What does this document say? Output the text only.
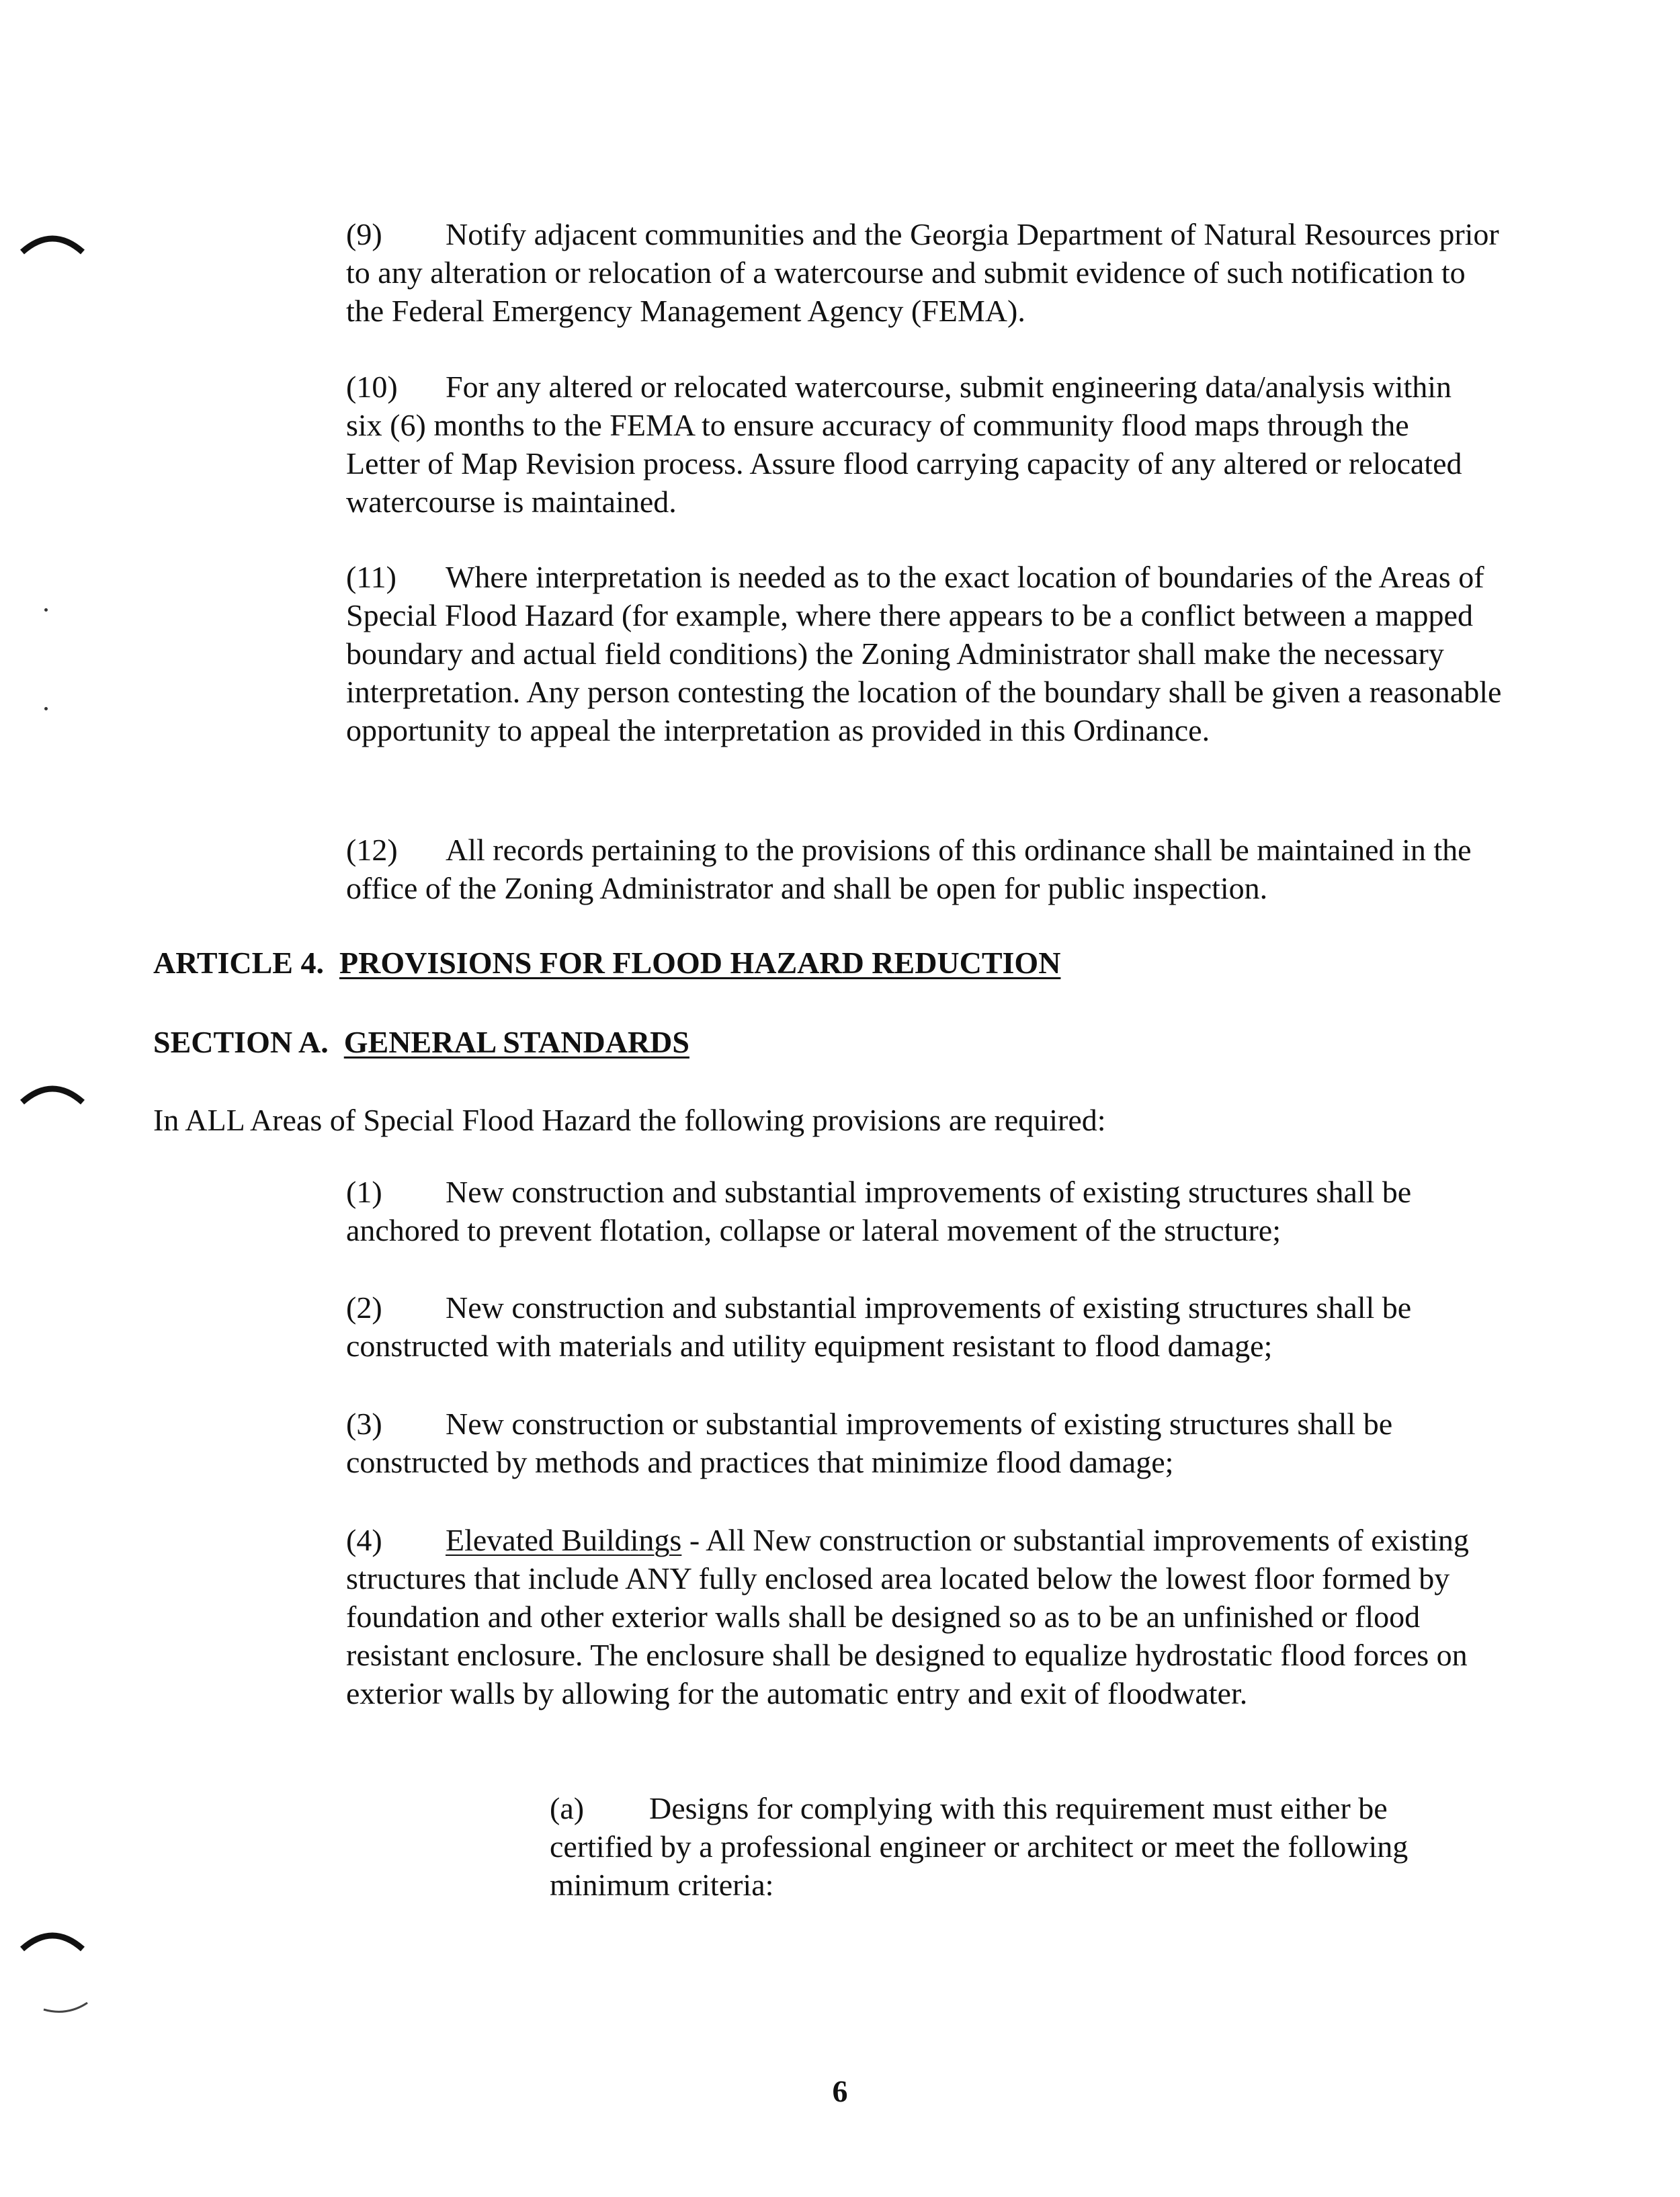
(9) Notify adjacent communities and the Georgia Department of Natural Resources prior to any alteration or relocation of a watercourse and submit evidence of such notification to the Federal Emergency Management Agency (FEMA).

(10) For any altered or relocated watercourse, submit engineering data/analysis within six (6) months to the FEMA to ensure accuracy of community flood maps through the Letter of Map Revision process. Assure flood carrying capacity of any altered or relocated watercourse is maintained.

(11) Where interpretation is needed as to the exact location of boundaries of the Areas of Special Flood Hazard (for example, where there appears to be a conflict between a mapped boundary and actual field conditions) the Zoning Administrator shall make the necessary interpretation. Any person contesting the location of the boundary shall be given a reasonable opportunity to appeal the interpretation as provided in this Ordinance.

(12) All records pertaining to the provisions of this ordinance shall be maintained in the office of the Zoning Administrator and shall be open for public inspection.

ARTICLE 4. PROVISIONS FOR FLOOD HAZARD REDUCTION

SECTION A. GENERAL STANDARDS

In ALL Areas of Special Flood Hazard the following provisions are required:

(1) New construction and substantial improvements of existing structures shall be anchored to prevent flotation, collapse or lateral movement of the structure;

(2) New construction and substantial improvements of existing structures shall be constructed with materials and utility equipment resistant to flood damage;

(3) New construction or substantial improvements of existing structures shall be constructed by methods and practices that minimize flood damage;

(4) Elevated Buildings - All New construction or substantial improvements of existing structures that include ANY fully enclosed area located below the lowest floor formed by foundation and other exterior walls shall be designed so as to be an unfinished or flood resistant enclosure. The enclosure shall be designed to equalize hydrostatic flood forces on exterior walls by allowing for the automatic entry and exit of floodwater.

(a) Designs for complying with this requirement must either be certified by a professional engineer or architect or meet the following minimum criteria:

6
